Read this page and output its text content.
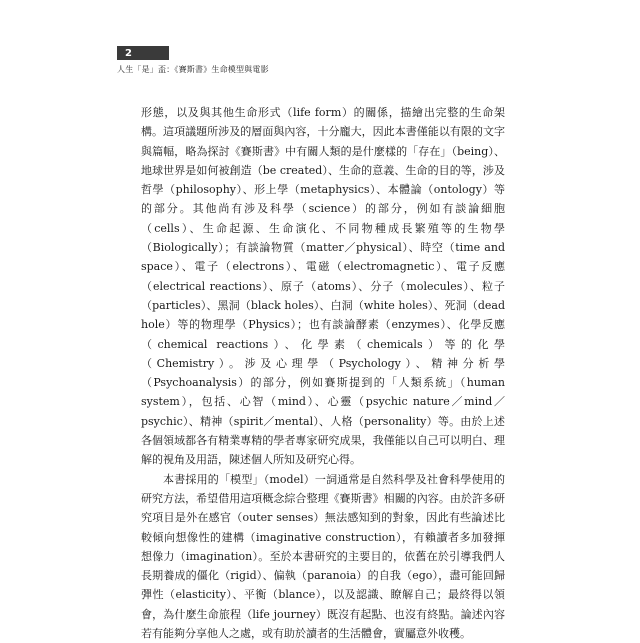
2
人生「是」盃：《賽斯書》生命模型與電影

形態，以及與其他生命形式（life form）的關係，描繪出完整的生命架構。這項議題所涉及的層面與內容，十分龐大，因此本書僅能以有限的文字與篇幅，略為探討《賽斯書》中有關人類的是什麼樣的「存在」（being）、地球世界是如何被創造（be created）、生命的意義、生命的目的等，涉及哲學（philosophy）、形上學（metaphysics）、本體論（ontology）等的部分。其他尚有涉及科學（science）的部分，例如有談論細胞（cells）、生命起源、生命演化、不同物種成長繁殖等的生物學（Biologically）；有談論物質（matter／physical）、時空（time and space）、電子（electrons）、電磁（electromagnetic）、電子反應（electrical reactions）、原子（atoms）、分子（molecules）、粒子（particles）、黑洞（black holes）、白洞（white holes）、死洞（dead hole）等的物理學（Physics）；也有談論酵素（enzymes）、化學反應（chemical reactions）、化學素（chemicals）等的化學（Chemistry）。涉及心理學（Psychology）、精神分析學（Psychoanalysis）的部分，例如賽斯提到的「人類系統」（human system），包括、心智（mind）、心靈（psychic nature／mind／psychic）、精神（spirit／mental）、人格（personality）等。由於上述各個領域都各有精業專精的學者專家研究成果，我僅能以自己可以明白、理解的視角及用語，陳述個人所知及研究心得。

本書採用的「模型」（model）一詞通常是自然科學及社會科學使用的研究方法，希望借用這項概念綜合整理《賽斯書》相關的內容。由於許多研究項目是外在感官（outer senses）無法感知到的對象，因此有些論述比較傾向想像性的建構（imaginative construction），有賴讀者多加發揮想像力（imagination）。至於本書研究的主要目的，依舊在於引導我們人長期養成的僵化（rigid）、偏執（paranoia）的自我（ego），盡可能回歸彈性（elasticity）、平衡（blance），以及認識、瞭解自己；最終得以領會，為什麼生命旅程（life journey）既沒有起點、也沒有終點。論述內容若有能夠分享他人之處，或有助於讀者的生活體會，實屬意外收穫。
